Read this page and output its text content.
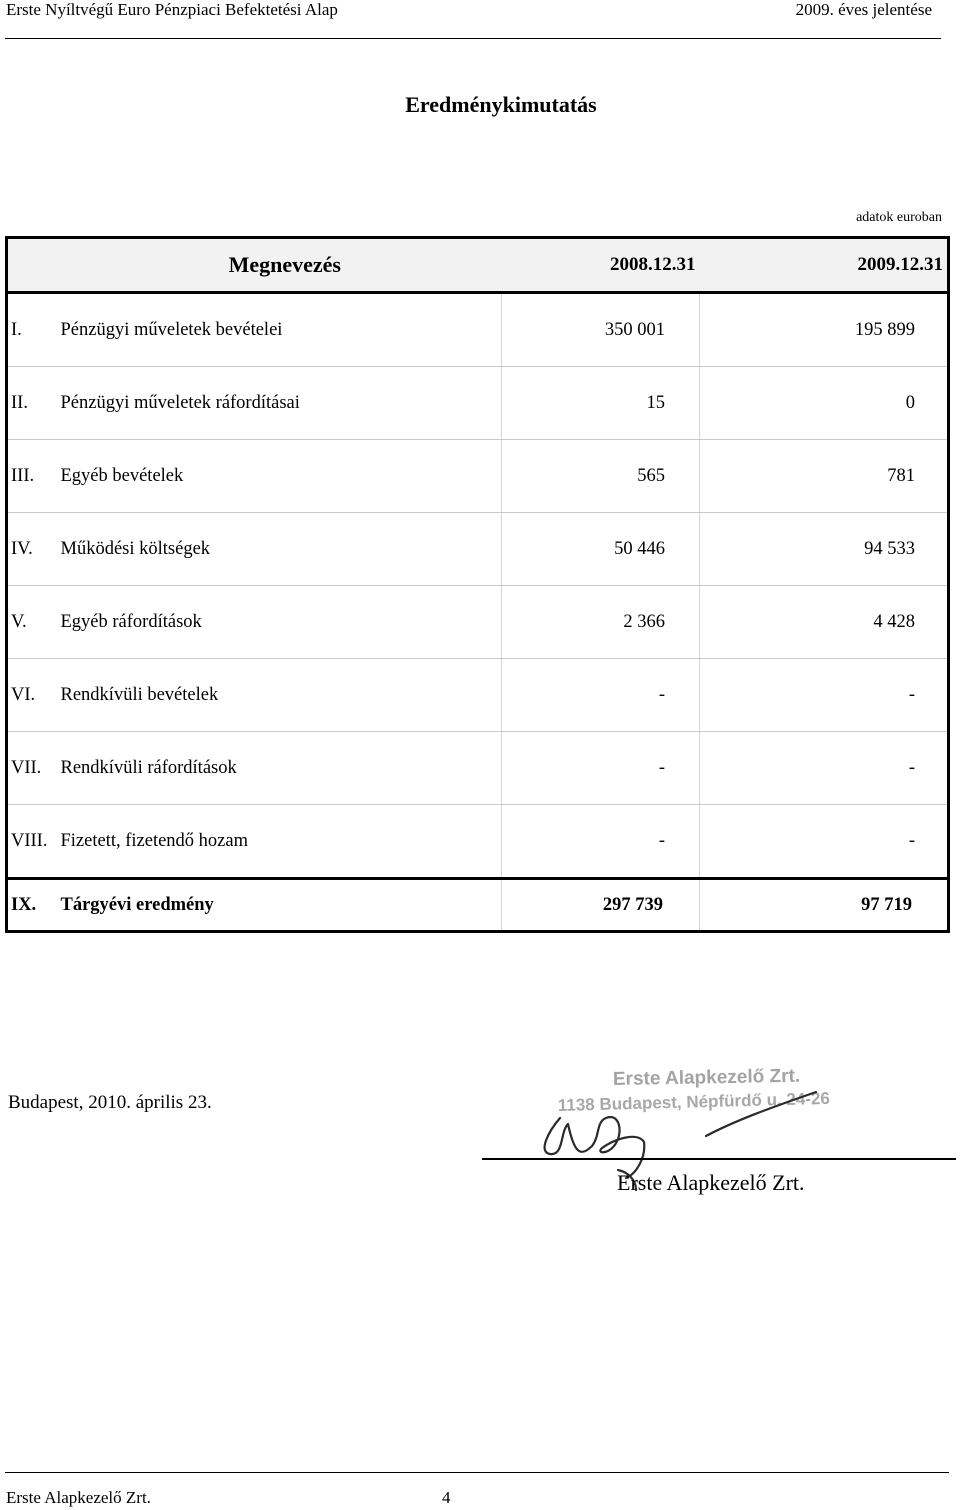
Erste Nyíltvégű Euro Pénzpiaci Befektetési Alap	2009. éves jelentése
Eredménykimutatás
adatok euroban
Megnevezés		2008.12.31	2009.12.31
I.	Pénzügyi műveletek bevételei	350 001	195 899
II.	Pénzügyi műveletek ráfordításai	15	0
III.	Egyéb bevételek	565	781
IV.	Működési költségek	50 446	94 533
V.	Egyéb ráfordítások	2 366	4 428
VI.	Rendkívüli bevételek	-	-
VII.	Rendkívüli ráfordítások	-	-
VIII.	Fizetett, fizetendő hozam	-	-
IX.	Tárgyévi eredmény	297 739	97 719
Budapest, 2010. április 23.
Erste Alapkezelő Zrt.
1138 Budapest, Népfürdő u. 24-26
Erste Alapkezelő Zrt.
Erste Alapkezelő Zrt.	4
